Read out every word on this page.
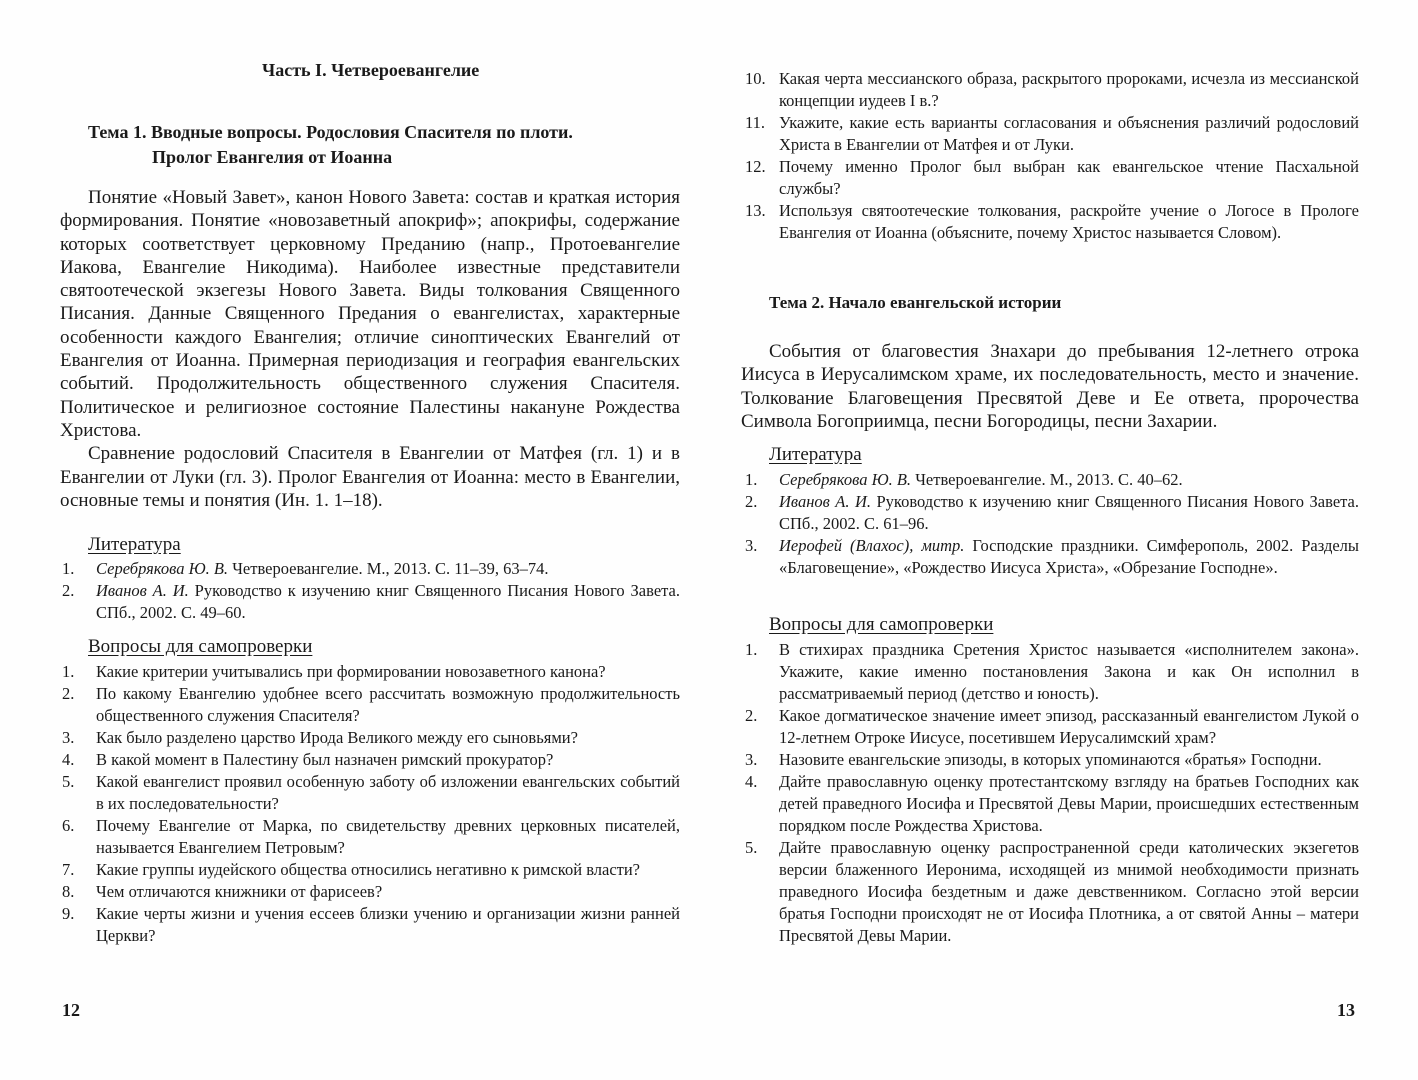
Часть I. Четвероевангелие
Тема 1. Вводные вопросы. Родословия Спасителя по плоти.
Пролог Евангелия от Иоанна

Понятие «Новый Завет», канон Нового Завета: состав и краткая история формирования. Понятие «новозаветный апокриф»; апокрифы, содержание которых соответствует церковному Преданию (напр., Протоевангелие Иакова, Евангелие Никодима). Наиболее известные представители святоотеческой экзегезы Нового Завета. Виды толкования Священного Писания. Данные Священного Предания о евангелистах, характерные особенности каждого Евангелия; отличие синоптических Евангелий от Евангелия от Иоанна. Примерная периодизация и география евангельских событий. Продолжительность общественного служения Спасителя. Политическое и религиозное состояние Палестины накануне Рождества Христова.

Сравнение родословий Спасителя в Евангелии от Матфея (гл. 1) и в Евангелии от Луки (гл. 3). Пролог Евангелия от Иоанна: место в Евангелии, основные темы и понятия (Ин. 1. 1–18).

Литература
1. Серебрякова Ю. В. Четвероевангелие. М., 2013. С. 11–39, 63–74.
2. Иванов А. И. Руководство к изучению книг Священного Писания Нового Завета. СПб., 2002. С. 49–60.
Вопросы для самопроверки
1. Какие критерии учитывались при формировании новозаветного канона?
2. По какому Евангелию удобнее всего рассчитать возможную продолжительность общественного служения Спасителя?
3. Как было разделено царство Ирода Великого между его сыновьями?
4. В какой момент в Палестину был назначен римский прокуратор?
5. Какой евангелист проявил особенную заботу об изложении евангельских событий в их последовательности?
6. Почему Евангелие от Марка, по свидетельству древних церковных писателей, называется Евангелием Петровым?
7. Какие группы иудейского общества относились негативно к римской власти?
8. Чем отличаются книжники от фарисеев?
9. Какие черты жизни и учения ессеев близки учению и организации жизни ранней Церкви?
12
10. Какая черта мессианского образа, раскрытого пророками, исчезла из мессианской концепции иудеев I в.?
11. Укажите, какие есть варианты согласования и объяснения различий родословий Христа в Евангелии от Матфея и от Луки.
12. Почему именно Пролог был выбран как евангельское чтение Пасхальной службы?
13. Используя святоотеческие толкования, раскройте учение о Логосе в Прологе Евангелия от Иоанна (объясните, почему Христос называется Словом).
Тема 2. Начало евангельской истории

События от благовестия Знахари до пребывания 12-летнего отрока Иисуса в Иерусалимском храме, их последовательность, место и значение. Толкование Благовещения Пресвятой Деве и Ее ответа, пророчества Символа Богоприимца, песни Богородицы, песни Захарии.

Литература
1. Серебрякова Ю. В. Четвероевангелие. М., 2013. С. 40–62.
2. Иванов А. И. Руководство к изучению книг Священного Писания Нового Завета. СПб., 2002. С. 61–96.
3. Иерофей (Влахос), митр. Господские праздники. Симферополь, 2002. Разделы «Благовещение», «Рождество Иисуса Христа», «Обрезание Господне».
Вопросы для самопроверки
1. В стихирах праздника Сретения Христос называется «исполнителем закона». Укажите, какие именно постановления Закона и как Он исполнил в рассматриваемый период (детство и юность).
2. Какое догматическое значение имеет эпизод, рассказанный евангелистом Лукой о 12-летнем Отроке Иисусе, посетившем Иерусалимский храм?
3. Назовите евангельские эпизоды, в которых упоминаются «братья» Господни.
4. Дайте православную оценку протестантскому взгляду на братьев Господних как детей праведного Иосифа и Пресвятой Девы Марии, происшедших естественным порядком после Рождества Христова.
5. Дайте православную оценку распространенной среди католических экзегетов версии блаженного Иеронима, исходящей из мнимой необходимости признать праведного Иосифа бездетным и даже девственником. Согласно этой версии братья Господни происходят не от Иосифа Плотника, а от святой Анны – матери Пресвятой Девы Марии.
13
